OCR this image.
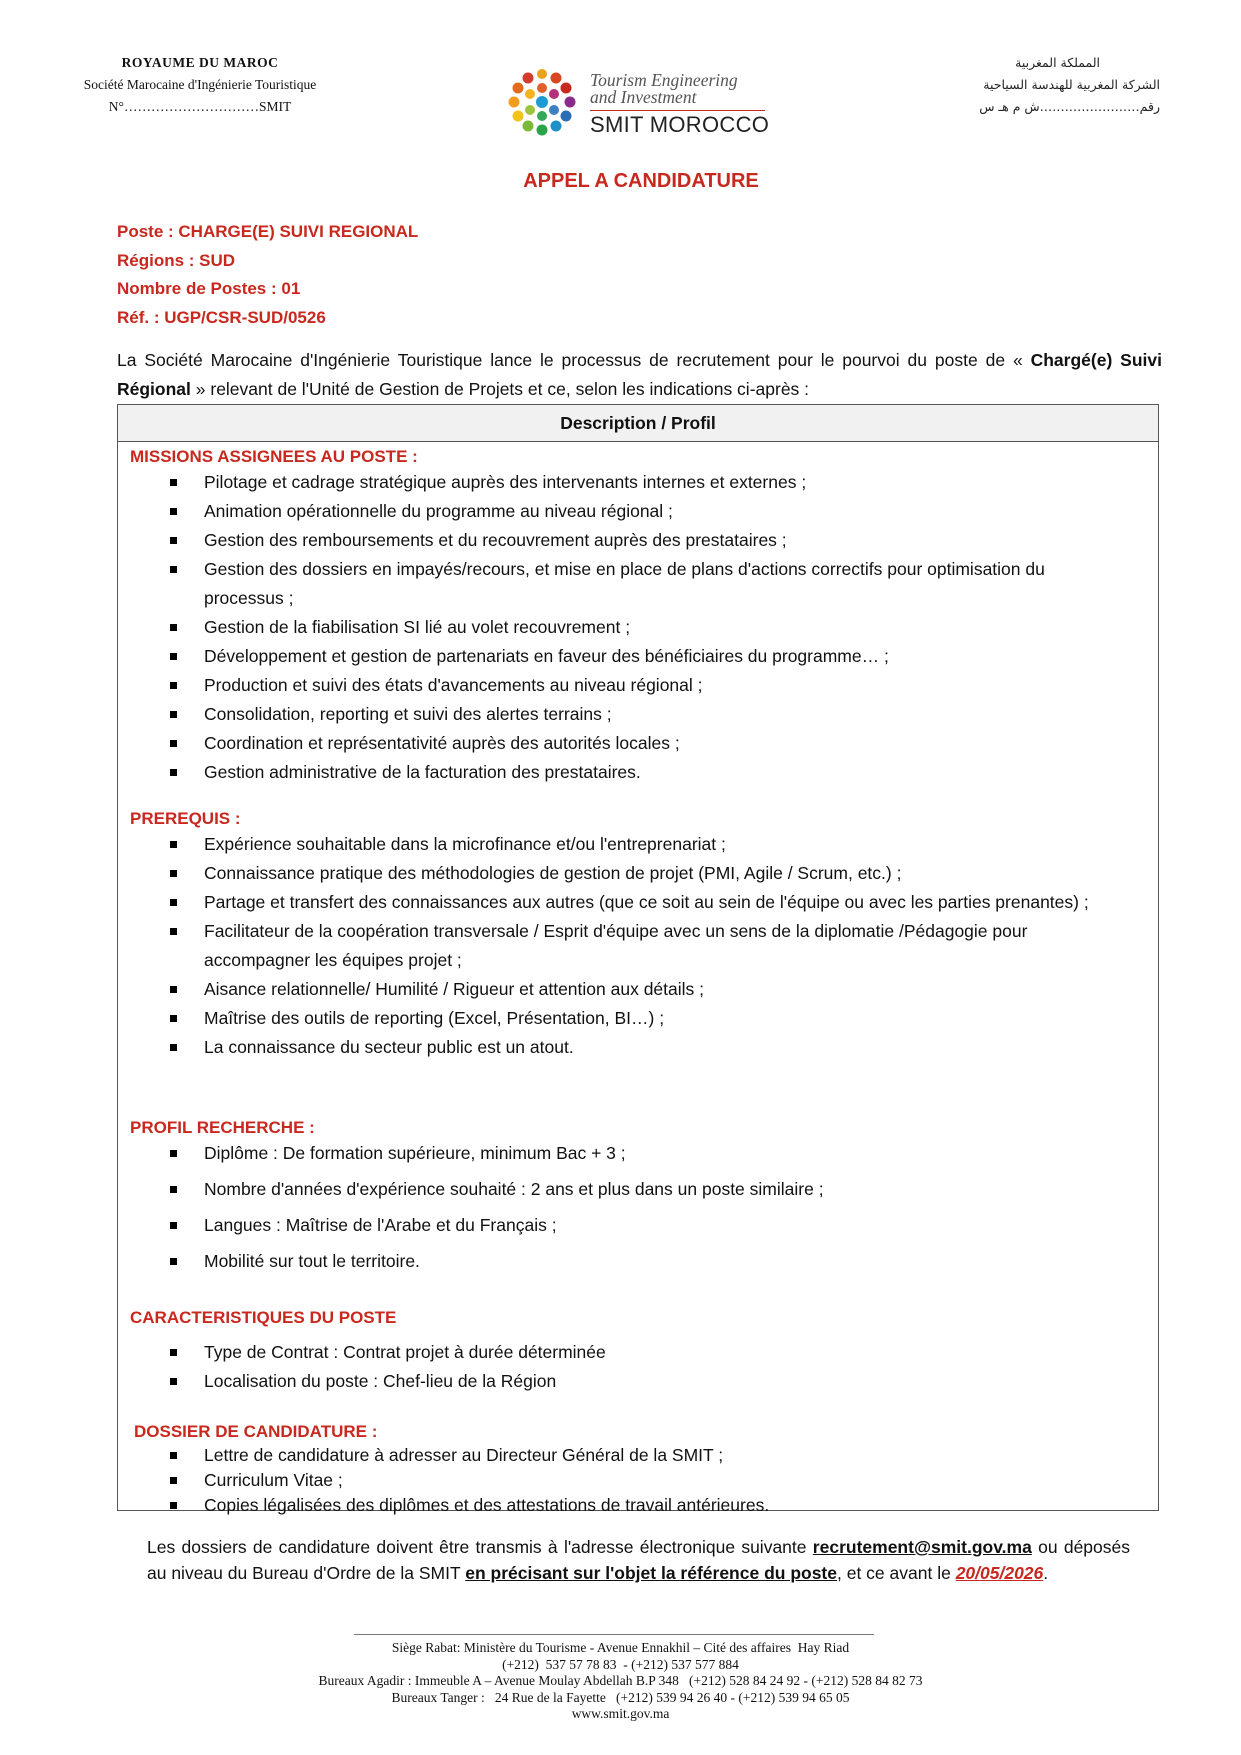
ROYAUME DU MAROC
Société Marocaine d'Ingénierie Touristique
N°…………………………SMIT
Tourism Engineering
and Investment
SMIT MOROCCO
المملكة المغربية
الشركة المغربية للهندسة السياحية
رقم……………………ش م هـ س
APPEL A CANDIDATURE
Poste : CHARGE(E) SUIVI REGIONAL
Régions : SUD
Nombre de Postes : 01
Réf. : UGP/CSR-SUD/0526
La Société Marocaine d'Ingénierie Touristique lance le processus de recrutement pour le pourvoi du poste de « Chargé(e) Suivi Régional » relevant de l'Unité de Gestion de Projets et ce, selon les indications ci-après :
Description / Profil
MISSIONS ASSIGNEES AU POSTE :
Pilotage et cadrage stratégique auprès des intervenants internes et externes ;
Animation opérationnelle du programme au niveau régional ;
Gestion des remboursements et du recouvrement auprès des prestataires ;
Gestion des dossiers en impayés/recours, et mise en place de plans d'actions correctifs pour optimisation du processus ;
Gestion de la fiabilisation SI lié au volet recouvrement ;
Développement et gestion de partenariats en faveur des bénéficiaires du programme… ;
Production et suivi des états d'avancements au niveau régional ;
Consolidation, reporting et suivi des alertes terrains ;
Coordination et représentativité auprès des autorités locales ;
Gestion administrative de la facturation des prestataires.
PREREQUIS :
Expérience souhaitable dans la microfinance et/ou l'entreprenariat ;
Connaissance pratique des méthodologies de gestion de projet (PMI, Agile / Scrum, etc.) ;
Partage et transfert des connaissances aux autres (que ce soit au sein de l'équipe ou avec les parties prenantes) ;
Facilitateur de la coopération transversale / Esprit d'équipe avec un sens de la diplomatie /Pédagogie pour accompagner les équipes projet ;
Aisance relationnelle/ Humilité / Rigueur et attention aux détails ;
Maîtrise des outils de reporting (Excel, Présentation, BI…) ;
La connaissance du secteur public est un atout.
PROFIL RECHERCHE :
Diplôme : De formation supérieure, minimum Bac + 3 ;
Nombre d'années d'expérience souhaité : 2 ans et plus dans un poste similaire ;
Langues : Maîtrise de l'Arabe et du Français ;
Mobilité sur tout le territoire.
CARACTERISTIQUES DU POSTE
Type de Contrat : Contrat projet à durée déterminée
Localisation du poste : Chef-lieu de la Région
DOSSIER DE CANDIDATURE :
Lettre de candidature à adresser au Directeur Général de la SMIT ;
Curriculum Vitae ;
Copies légalisées des diplômes et des attestations de travail antérieures.
Les dossiers de candidature doivent être transmis à l'adresse électronique suivante recrutement@smit.gov.ma ou déposés au niveau du Bureau d'Ordre de la SMIT en précisant sur l'objet la référence du poste, et ce avant le 20/05/2026.
Siège Rabat: Ministère du Tourisme - Avenue Ennakhil – Cité des affaires  Hay Riad
(+212)  537 57 78 83  - (+212) 537 577 884
Bureaux Agadir : Immeuble A – Avenue Moulay Abdellah B.P 348   (+212) 528 84 24 92 - (+212) 528 84 82 73
Bureaux Tanger :   24 Rue de la Fayette   (+212) 539 94 26 40 - (+212) 539 94 65 05
www.smit.gov.ma
